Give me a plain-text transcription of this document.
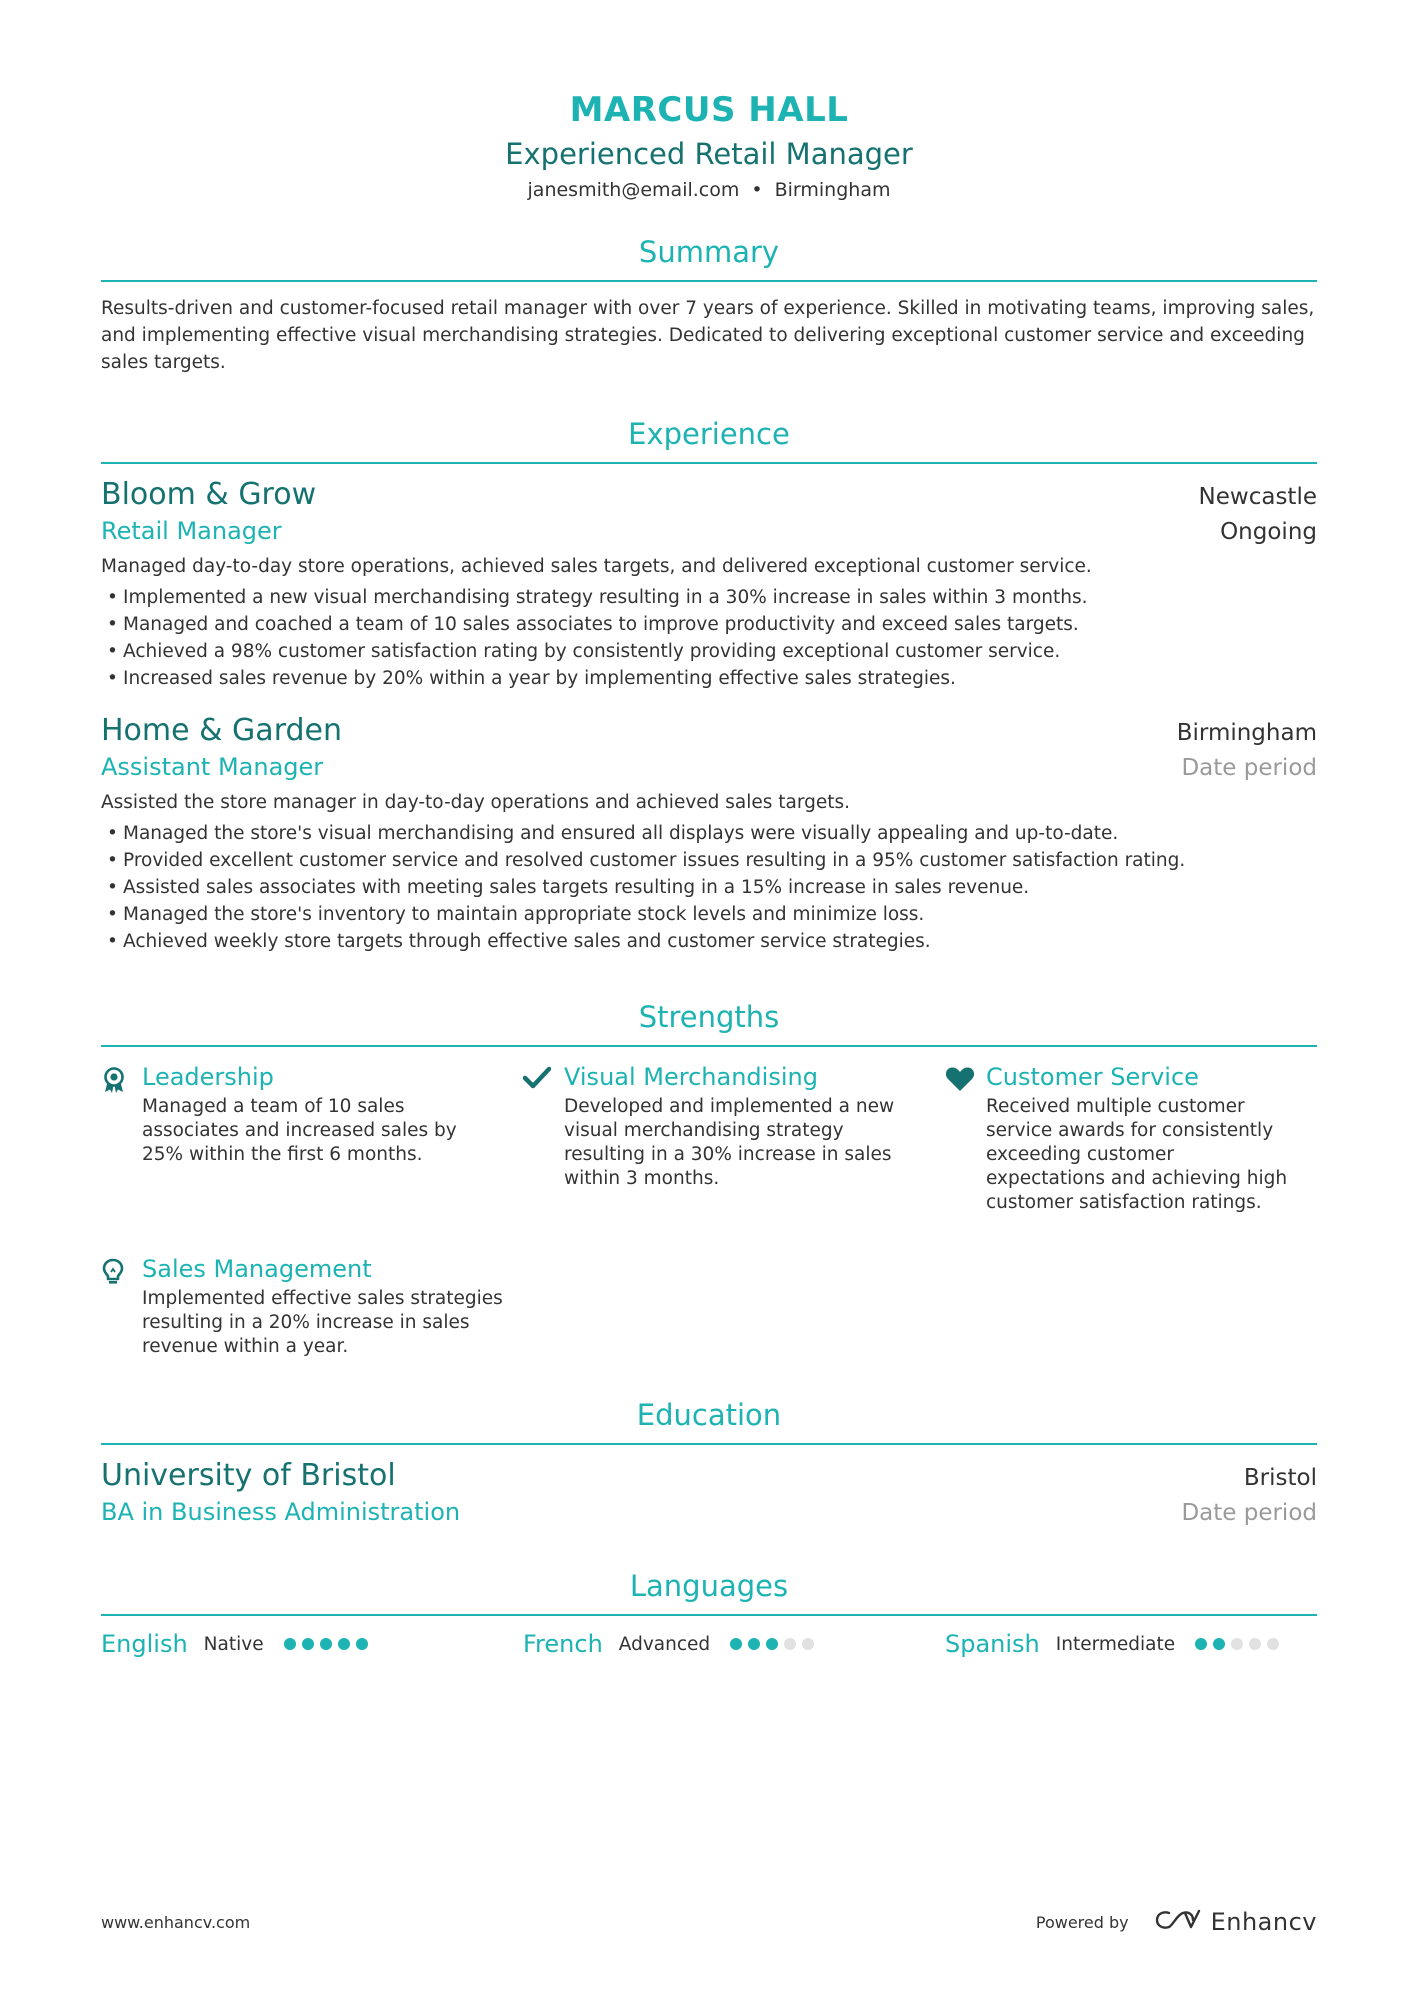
MARCUS HALL
Experienced Retail Manager
janesmith@email.com • Birmingham
Summary
Results-driven and customer-focused retail manager with over 7 years of experience. Skilled in motivating teams, improving sales, and implementing effective visual merchandising strategies. Dedicated to delivering exceptional customer service and exceeding sales targets.
Experience
Bloom & Grow	Newcastle
Retail Manager	Ongoing
Managed day-to-day store operations, achieved sales targets, and delivered exceptional customer service.
• Implemented a new visual merchandising strategy resulting in a 30% increase in sales within 3 months.
• Managed and coached a team of 10 sales associates to improve productivity and exceed sales targets.
• Achieved a 98% customer satisfaction rating by consistently providing exceptional customer service.
• Increased sales revenue by 20% within a year by implementing effective sales strategies.
Home & Garden	Birmingham
Assistant Manager	Date period
Assisted the store manager in day-to-day operations and achieved sales targets.
• Managed the store's visual merchandising and ensured all displays were visually appealing and up-to-date.
• Provided excellent customer service and resolved customer issues resulting in a 95% customer satisfaction rating.
• Assisted sales associates with meeting sales targets resulting in a 15% increase in sales revenue.
• Managed the store's inventory to maintain appropriate stock levels and minimize loss.
• Achieved weekly store targets through effective sales and customer service strategies.
Strengths
Leadership
Managed a team of 10 sales associates and increased sales by 25% within the first 6 months.
Visual Merchandising
Developed and implemented a new visual merchandising strategy resulting in a 30% increase in sales within 3 months.
Customer Service
Received multiple customer service awards for consistently exceeding customer expectations and achieving high customer satisfaction ratings.
Sales Management
Implemented effective sales strategies resulting in a 20% increase in sales revenue within a year.
Education
University of Bristol	Bristol
BA in Business Administration	Date period
Languages
English Native	French Advanced	Spanish Intermediate
www.enhancv.com	Powered by	Enhancv
